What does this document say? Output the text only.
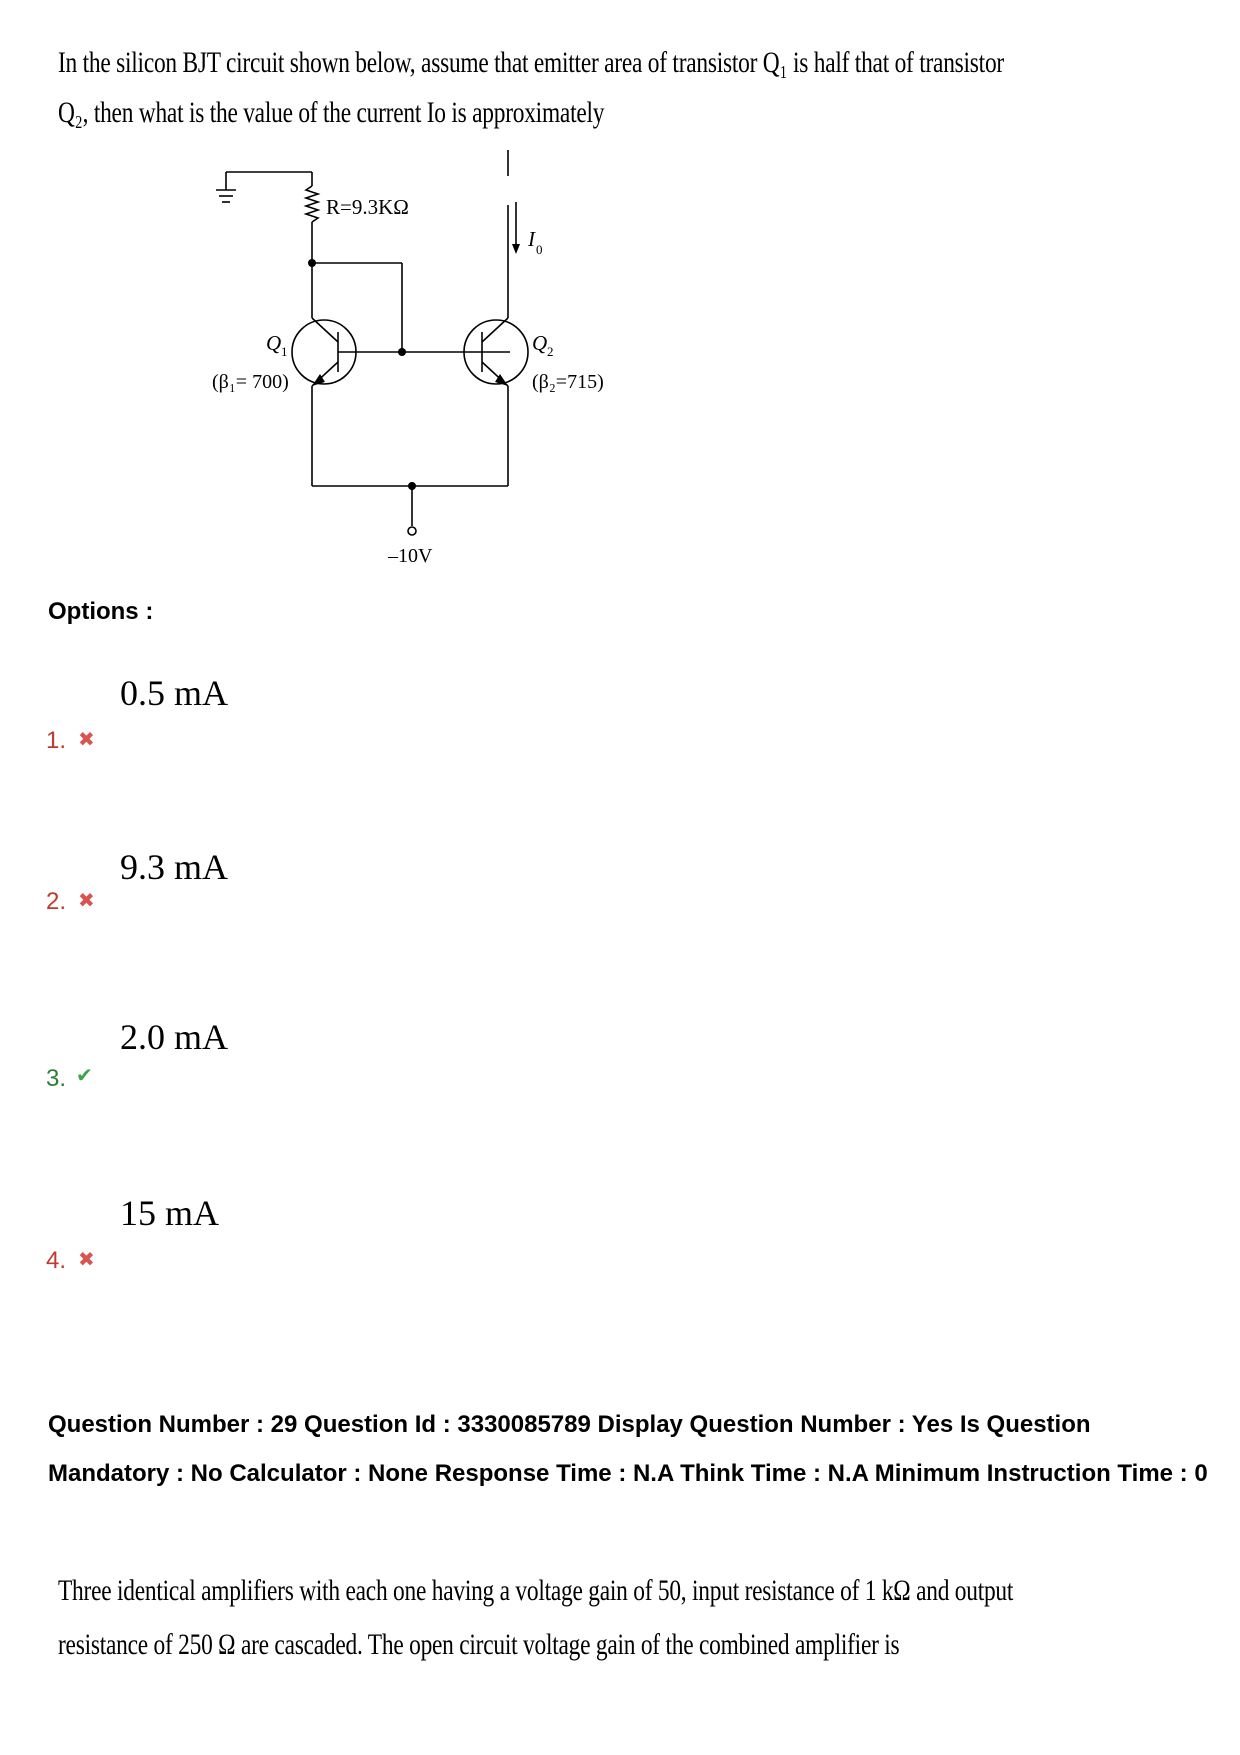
In the silicon BJT circuit shown below, assume that emitter area of transistor Q₁ is half that of transistor
Q₂, then what is the value of the current Io is approximately
R=9.3KΩ
I 0
Q 1
(β₁= 700)
Q 2
(β₂=715)
–10V
Options :
0.5 mA
1. ✖
9.3 mA
2. ✖
2.0 mA
3. ✔
15 mA
4. ✖
Question Number : 29 Question Id : 3330085789 Display Question Number : Yes Is Question Mandatory : No Calculator : None Response Time : N.A Think Time : N.A Minimum Instruction Time : 0
Three identical amplifiers with each one having a voltage gain of 50, input resistance of 1 kΩ and output
resistance of 250 Ω are cascaded. The open circuit voltage gain of the combined amplifier is
